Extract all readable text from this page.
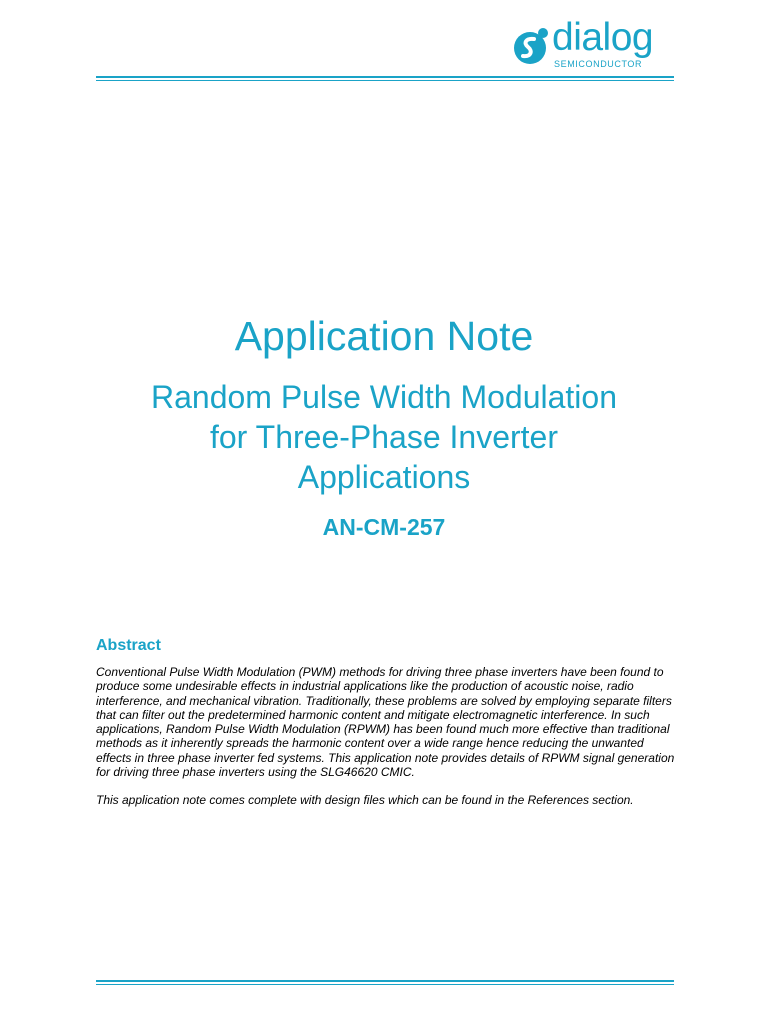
dialog
SEMICONDUCTOR
Application Note
Random Pulse Width Modulation
for Three-Phase Inverter
Applications
AN-CM-257
Abstract

Conventional Pulse Width Modulation (PWM) methods for driving three phase inverters have been found to produce some undesirable effects in industrial applications like the production of acoustic noise, radio interference, and mechanical vibration. Traditionally, these problems are solved by employing separate filters that can filter out the predetermined harmonic content and mitigate electromagnetic interference. In such applications, Random Pulse Width Modulation (RPWM) has been found much more effective than traditional methods as it inherently spreads the harmonic content over a wide range hence reducing the unwanted effects in three phase inverter fed systems. This application note provides details of RPWM signal generation for driving three phase inverters using the SLG46620 CMIC.

This application note comes complete with design files which can be found in the References section.
